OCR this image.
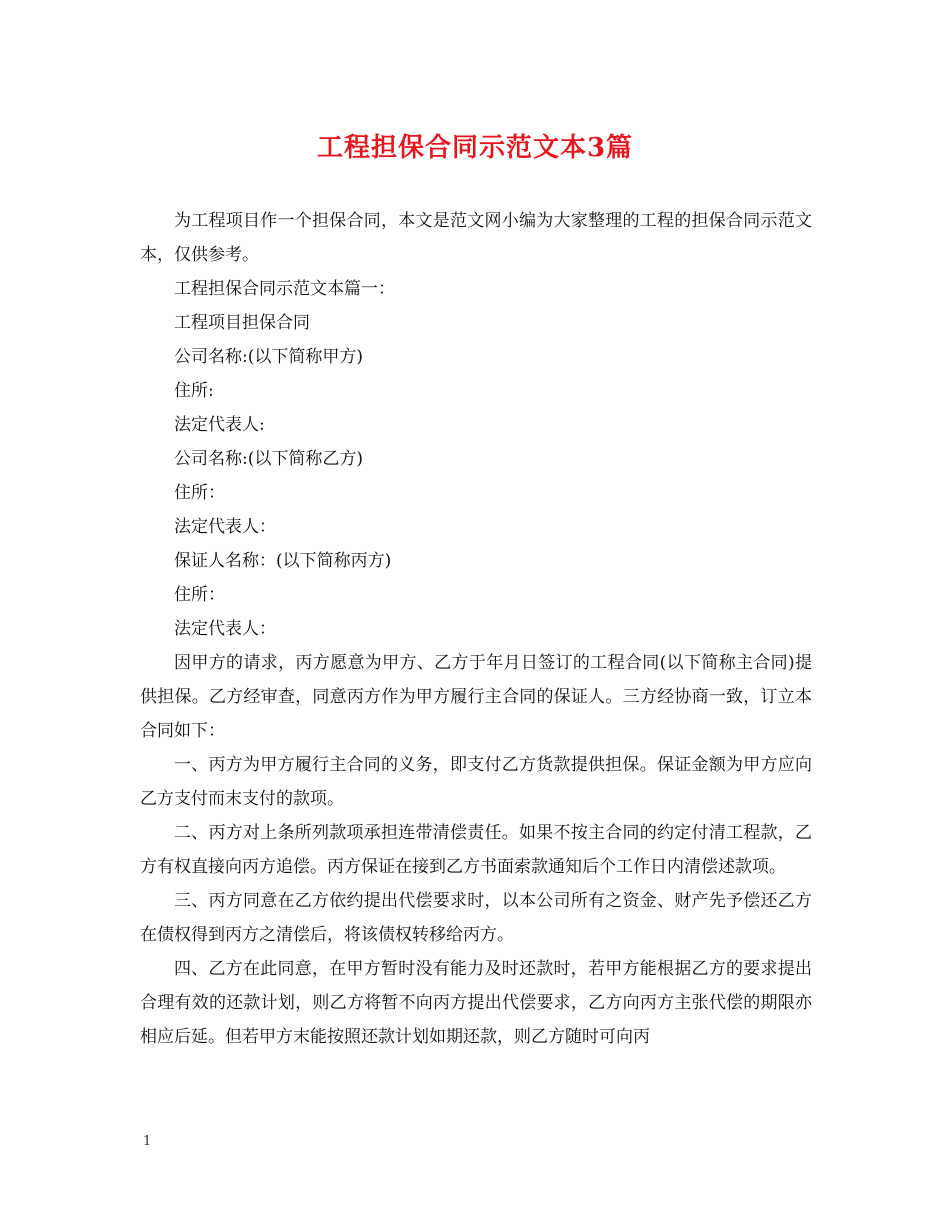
工程担保合同示范文本3篇

为工程项目作一个担保合同，本文是范文网小编为大家整理的工程的担保合同示范文本，仅供参考。

工程担保合同示范文本篇一：

工程项目担保合同

公司名称:(以下简称甲方)

住所:

法定代表人:

公司名称:(以下简称乙方)

住所：

法定代表人：

保证人名称：(以下简称丙方)

住所：

法定代表人：

因甲方的请求，丙方愿意为甲方、乙方于年月日签订的工程合同(以下简称主合同)提供担保。乙方经审查，同意丙方作为甲方履行主合同的保证人。三方经协商一致，订立本合同如下：

一、丙方为甲方履行主合同的义务，即支付乙方货款提供担保。保证金额为甲方应向乙方支付而末支付的款项。

二、丙方对上条所列款项承担连带清偿责任。如果不按主合同的约定付清工程款，乙方有权直接向丙方追偿。丙方保证在接到乙方书面索款通知后个工作日内清偿述款项。

三、丙方同意在乙方依约提出代偿要求时，以本公司所有之资金、财产先予偿还乙方在债权得到丙方之清偿后，将该债权转移给丙方。

四、乙方在此同意，在甲方暂时没有能力及时还款时，若甲方能根据乙方的要求提出合理有效的还款计划，则乙方将暂不向丙方提出代偿要求，乙方向丙方主张代偿的期限亦相应后延。但若甲方末能按照还款计划如期还款，则乙方随时可向丙

1
